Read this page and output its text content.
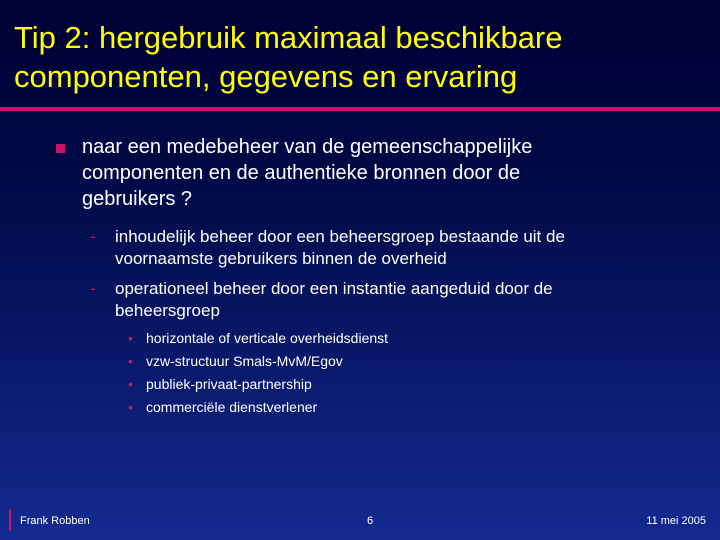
Tip 2: hergebruik maximaal beschikbare
componenten, gegevens en ervaring
naar een medebeheer van de gemeenschappelijke
componenten en de authentieke bronnen door de
gebruikers ?
- inhoudelijk beheer door een beheersgroep bestaande uit de
voornaamste gebruikers binnen de overheid
- operationeel beheer door een instantie aangeduid door de
beheersgroep
• horizontale of verticale overheidsdienst
• vzw-structuur Smals-MvM/Egov
• publiek-privaat-partnership
• commerciële dienstverlener
Frank Robben	6	11 mei 2005
